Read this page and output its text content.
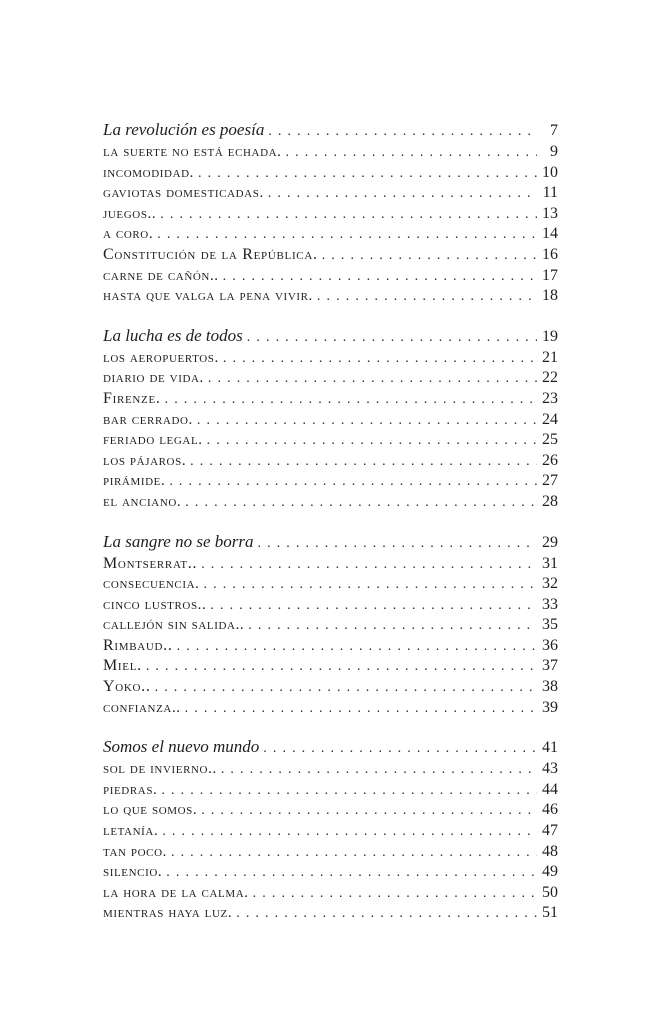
La revolución es poesía . . .	7
la suerte no está echada. . . .	9
incomodidad. . . .	10
gaviotas domesticadas. . . .	11
juegos.. . . .	13
a coro. . . .	14
Constitución de la República. . . .	16
carne de cañón.. . . .	17
hasta que valga la pena vivir. . . .	18
La lucha es de todos . . .	19
los aeropuertos. . . .	21
diario de vida. . . .	22
Firenze. . . .	23
bar cerrado. . . .	24
feriado legal. . . .	25
los pájaros. . . .	26
pirámide. . . .	27
el anciano. . . .	28
La sangre no se borra . . .	29
Montserrat.. . . .	31
consecuencia. . . .	32
cinco lustros.. . . .	33
callejón sin salida.. . . .	35
Rimbaud.. . . .	36
Miel. . . .	37
Yoko.. . . .	38
confianza.. . . .	39
Somos el nuevo mundo . . .	41
sol de invierno.. . . .	43
piedras. . . .	44
lo que somos. . . .	46
letanía. . . .	47
tan poco. . . .	48
silencio. . . .	49
la hora de la calma. . . .	50
mientras haya luz. . . .	51
